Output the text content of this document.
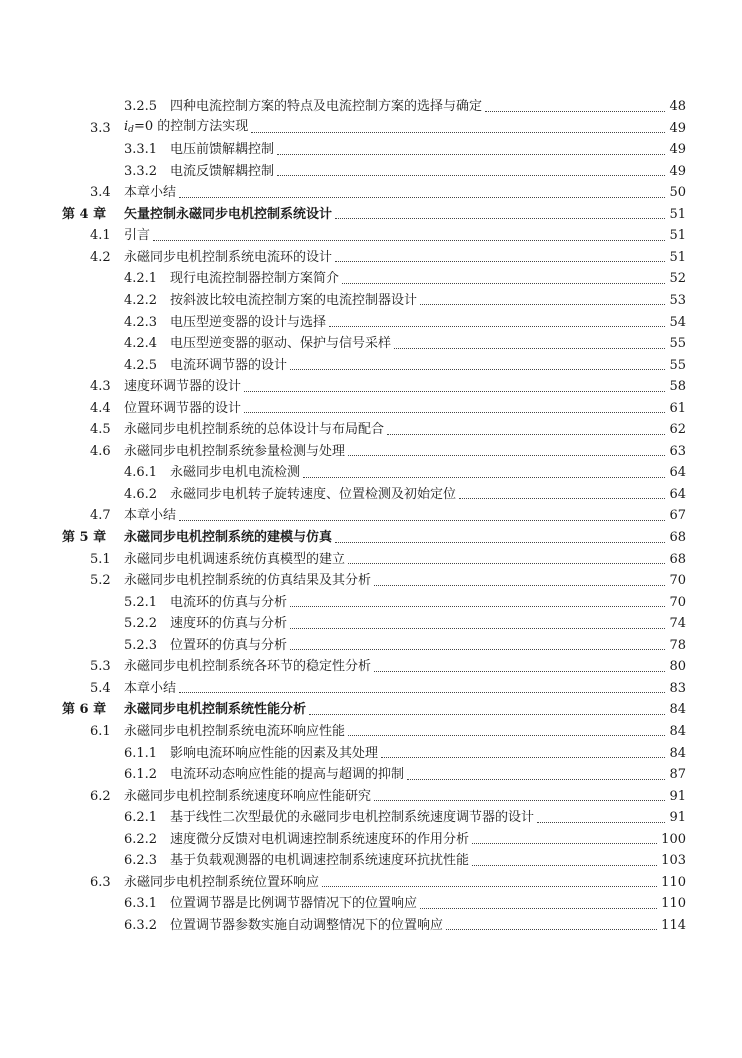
3.2.5 四种电流控制方案的特点及电流控制方案的选择与确定	48
3.3 $i_d=0$ 的控制方法实现	49
3.3.1 电压前馈解耦控制	49
3.3.2 电流反馈解耦控制	49
3.4 本章小结	50
第 4 章 矢量控制永磁同步电机控制系统设计	51
4.1 引言	51
4.2 永磁同步电机控制系统电流环的设计	51
4.2.1 现行电流控制器控制方案简介	52
4.2.2 按斜波比较电流控制方案的电流控制器设计	53
4.2.3 电压型逆变器的设计与选择	54
4.2.4 电压型逆变器的驱动、保护与信号采样	55
4.2.5 电流环调节器的设计	55
4.3 速度环调节器的设计	58
4.4 位置环调节器的设计	61
4.5 永磁同步电机控制系统的总体设计与布局配合	62
4.6 永磁同步电机控制系统参量检测与处理	63
4.6.1 永磁同步电机电流检测	64
4.6.2 永磁同步电机转子旋转速度、位置检测及初始定位	64
4.7 本章小结	67
第 5 章 永磁同步电机控制系统的建模与仿真	68
5.1 永磁同步电机调速系统仿真模型的建立	68
5.2 永磁同步电机控制系统的仿真结果及其分析	70
5.2.1 电流环的仿真与分析	70
5.2.2 速度环的仿真与分析	74
5.2.3 位置环的仿真与分析	78
5.3 永磁同步电机控制系统各环节的稳定性分析	80
5.4 本章小结	83
第 6 章 永磁同步电机控制系统性能分析	84
6.1 永磁同步电机控制系统电流环响应性能	84
6.1.1 影响电流环响应性能的因素及其处理	84
6.1.2 电流环动态响应性能的提高与超调的抑制	87
6.2 永磁同步电机控制系统速度环响应性能研究	91
6.2.1 基于线性二次型最优的永磁同步电机控制系统速度调节器的设计	91
6.2.2 速度微分反馈对电机调速控制系统速度环的作用分析	100
6.2.3 基于负载观测器的电机调速控制系统速度环抗扰性能	103
6.3 永磁同步电机控制系统位置环响应	110
6.3.1 位置调节器是比例调节器情况下的位置响应	110
6.3.2 位置调节器参数实施自动调整情况下的位置响应	114
